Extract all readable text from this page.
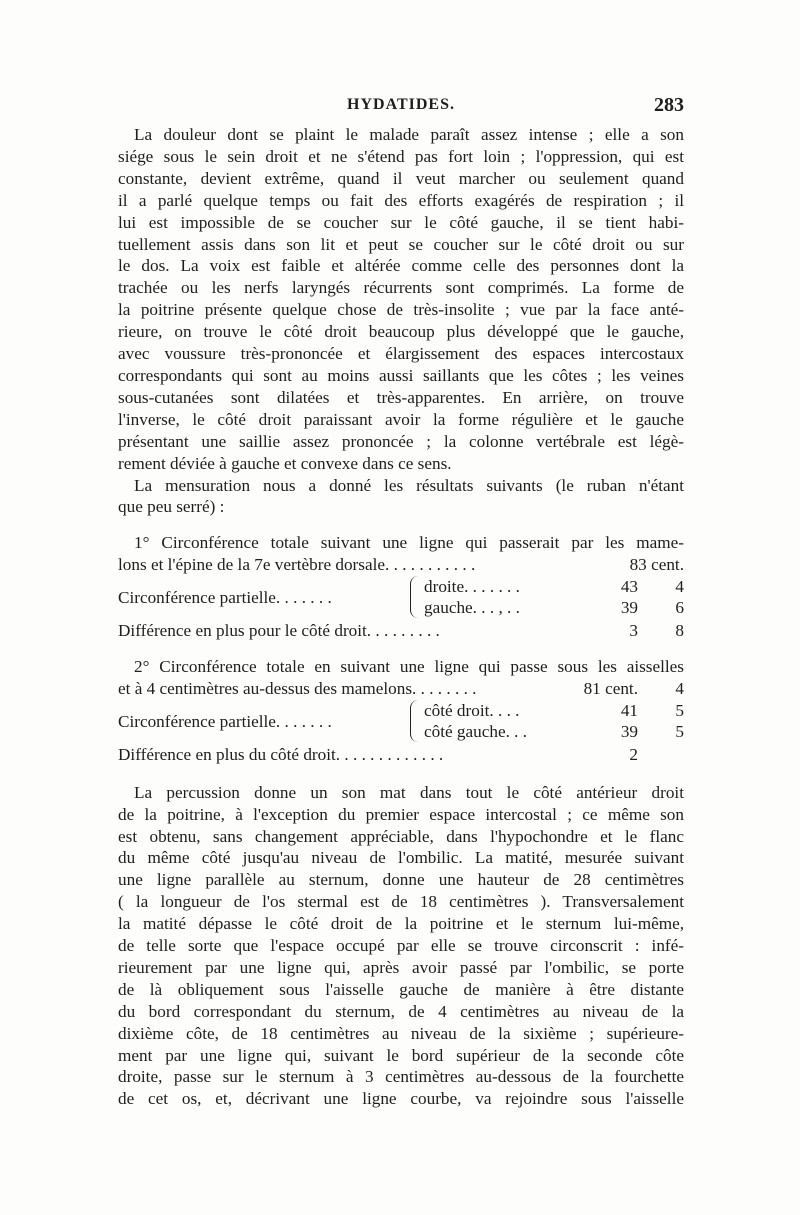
HYDATIDES.	283

La douleur dont se plaint le malade paraît assez intense ; elle a son

siége sous le sein droit et ne s'étend pas fort loin ; l'oppression, qui est

constante, devient extrême, quand il veut marcher ou seulement quand

il a parlé quelque temps ou fait des efforts exagérés de respiration ; il

lui est impossible de se coucher sur le côté gauche, il se tient habi-

tuellement assis dans son lit et peut se coucher sur le côté droit ou sur

le dos. La voix est faible et altérée comme celle des personnes dont la

trachée ou les nerfs laryngés récurrents sont comprimés. La forme de

la poitrine présente quelque chose de très-insolite ; vue par la face anté-

rieure, on trouve le côté droit beaucoup plus développé que le gauche,

avec voussure très-prononcée et élargissement des espaces intercostaux

correspondants qui sont au moins aussi saillants que les côtes ; les veines

sous-cutanées sont dilatées et très-apparentes. En arrière, on trouve

l'inverse, le côté droit paraissant avoir la forme régulière et le gauche

présentant une saillie assez prononcée ; la colonne vertébrale est légè-

rement déviée à gauche et convexe dans ce sens.

La mensuration nous a donné les résultats suivants (le ruban n'étant

que peu serré) :

1° Circonférence totale suivant une ligne qui passerait par les mame-

lons et l'épine de la 7e vertèbre dorsale. . . . . . . . . . .	83 cent.
Circonférence partielle. . . . . . .
droite. . . . . . .	43 4
gauche. . . , . .	39 6
Différence en plus pour le côté droit. . . . . . . . .	3 8

2° Circonférence totale en suivant une ligne qui passe sous les aisselles

et à 4 centimètres au-dessus des mamelons. . . . . . . .	81 cent. 4
Circonférence partielle. . . . . . .
côté droit. . . .	41 5
côté gauche. . .	39 5
Différence en plus du côté droit. . . . . . . . . . . . .	2

La percussion donne un son mat dans tout le côté antérieur droit

de la poitrine, à l'exception du premier espace intercostal ; ce même son

est obtenu, sans changement appréciable, dans l'hypochondre et le flanc

du même côté jusqu'au niveau de l'ombilic. La matité, mesurée suivant

une ligne parallèle au sternum, donne une hauteur de 28 centimètres

( la longueur de l'os stermal est de 18 centimètres ). Transversalement

la matité dépasse le côté droit de la poitrine et le sternum lui-même,

de telle sorte que l'espace occupé par elle se trouve circonscrit : infé-

rieurement par une ligne qui, après avoir passé par l'ombilic, se porte

de là obliquement sous l'aisselle gauche de manière à être distante

du bord correspondant du sternum, de 4 centimètres au niveau de la

dixième côte, de 18 centimètres au niveau de la sixième ; supérieure-

ment par une ligne qui, suivant le bord supérieur de la seconde côte

droite, passe sur le sternum à 3 centimètres au-dessous de la fourchette

de cet os, et, décrivant une ligne courbe, va rejoindre sous l'aisselle
